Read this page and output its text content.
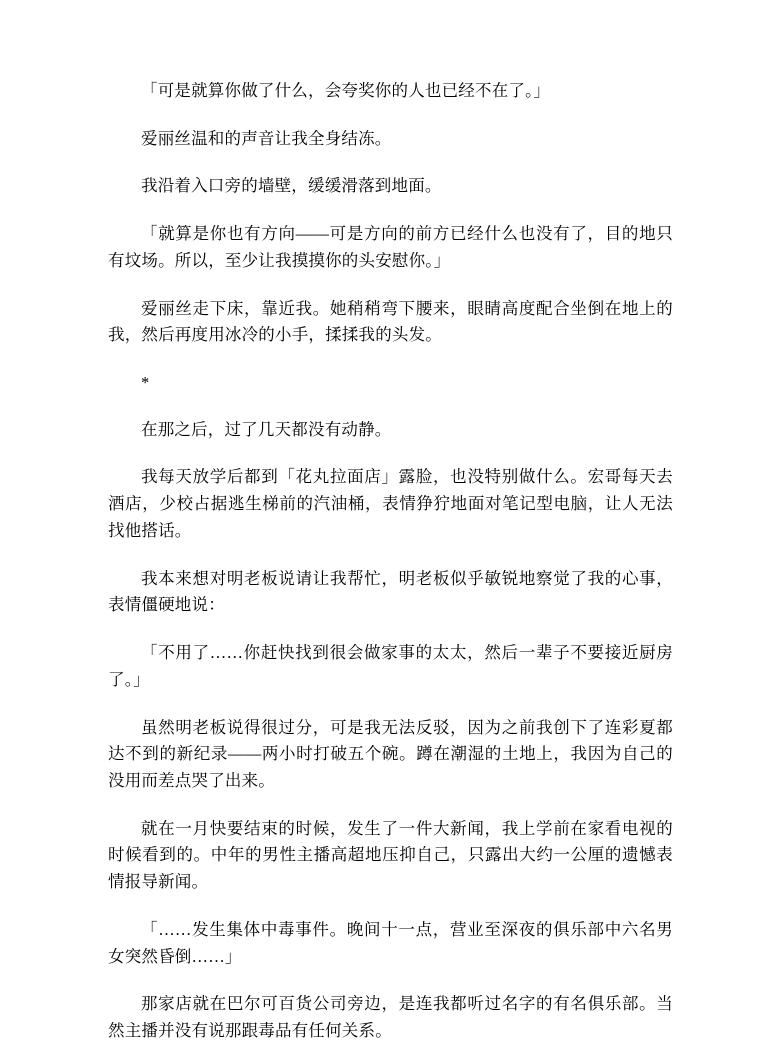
「可是就算你做了什么，会夸奖你的人也已经不在了。」

爱丽丝温和的声音让我全身结冻。

我沿着入口旁的墙壁，缓缓滑落到地面。

「就算是你也有方向——可是方向的前方已经什么也没有了，目的地只有坟场。所以，至少让我摸摸你的头安慰你。」

爱丽丝走下床，靠近我。她稍稍弯下腰来，眼睛高度配合坐倒在地上的我，然后再度用冰冷的小手，揉揉我的头发。

*

在那之后，过了几天都没有动静。

我每天放学后都到「花丸拉面店」露脸，也没特别做什么。宏哥每天去酒店，少校占据逃生梯前的汽油桶，表情狰狞地面对笔记型电脑，让人无法找他搭话。

我本来想对明老板说请让我帮忙，明老板似乎敏锐地察觉了我的心事，表情僵硬地说：

「不用了……你赶快找到很会做家事的太太，然后一辈子不要接近厨房了。」

虽然明老板说得很过分，可是我无法反驳，因为之前我创下了连彩夏都达不到的新纪录——两小时打破五个碗。蹲在潮湿的土地上，我因为自己的没用而差点哭了出来。

就在一月快要结束的时候，发生了一件大新闻，我上学前在家看电视的时候看到的。中年的男性主播高超地压抑自己，只露出大约一公厘的遗憾表情报导新闻。

「……发生集体中毒事件。晚间十一点，营业至深夜的俱乐部中六名男女突然昏倒……」

那家店就在巴尔可百货公司旁边，是连我都听过名字的有名俱乐部。当然主播并没有说那跟毒品有任何关系。
